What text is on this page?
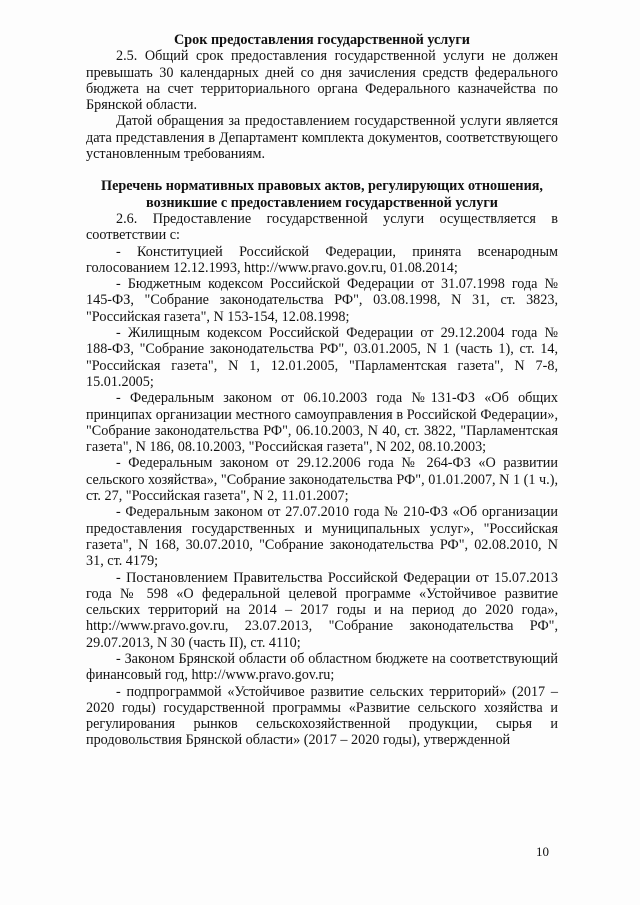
Срок предоставления государственной услуги

2.5. Общий срок предоставления государственной услуги не должен превышать 30 календарных дней со дня зачисления средств федерального бюджета на счет территориального органа Федерального казначейства по Брянской области.

Датой обращения за предоставлением государственной услуги является дата представления в Департамент комплекта документов, соответствующего установленным требованиям.

Перечень нормативных правовых актов, регулирующих отношения,

возникшие с предоставлением государственной услуги

2.6. Предоставление государственной услуги осуществляется в соответствии с:

- Конституцией Российской Федерации, принята всенародным голосованием 12.12.1993, http://www.pravo.gov.ru, 01.08.2014;

- Бюджетным кодексом Российской Федерации от 31.07.1998 года № 145-ФЗ, "Собрание законодательства РФ", 03.08.1998, N 31, ст. 3823, "Российская газета", N 153-154, 12.08.1998;

- Жилищным кодексом Российской Федерации от 29.12.2004 года № 188-ФЗ, "Собрание законодательства РФ", 03.01.2005, N 1 (часть 1), ст. 14, "Российская газета", N 1, 12.01.2005, "Парламентская газета", N 7-8, 15.01.2005;

- Федеральным законом от 06.10.2003 года №131-ФЗ «Об общих принципах организации местного самоуправления в Российской Федерации», "Собрание законодательства РФ", 06.10.2003, N 40, ст. 3822, "Парламентская газета", N 186, 08.10.2003, "Российская газета", N 202, 08.10.2003;

- Федеральным законом от 29.12.2006 года № 264-ФЗ «О развитии сельского хозяйства», "Собрание законодательства РФ", 01.01.2007, N 1 (1 ч.), ст. 27, "Российская газета", N 2, 11.01.2007;

- Федеральным законом от 27.07.2010 года № 210-ФЗ «Об организации предоставления государственных и муниципальных услуг», "Российская газета", N 168, 30.07.2010, "Собрание законодательства РФ", 02.08.2010, N 31, ст. 4179;

- Постановлением Правительства Российской Федерации от 15.07.2013 года № 598 «О федеральной целевой программе «Устойчивое развитие сельских территорий на 2014 – 2017 годы и на период до 2020 года», http://www.pravo.gov.ru, 23.07.2013, "Собрание законодательства РФ", 29.07.2013, N 30 (часть II), ст. 4110;

- Законом Брянской области об областном бюджете на соответствующий финансовый год, http://www.pravo.gov.ru;

- подпрограммой «Устойчивое развитие сельских территорий» (2017 – 2020 годы) государственной программы «Развитие сельского хозяйства и регулирования рынков сельскохозяйственной продукции, сырья и продовольствия Брянской области» (2017 – 2020 годы), утвержденной

10
